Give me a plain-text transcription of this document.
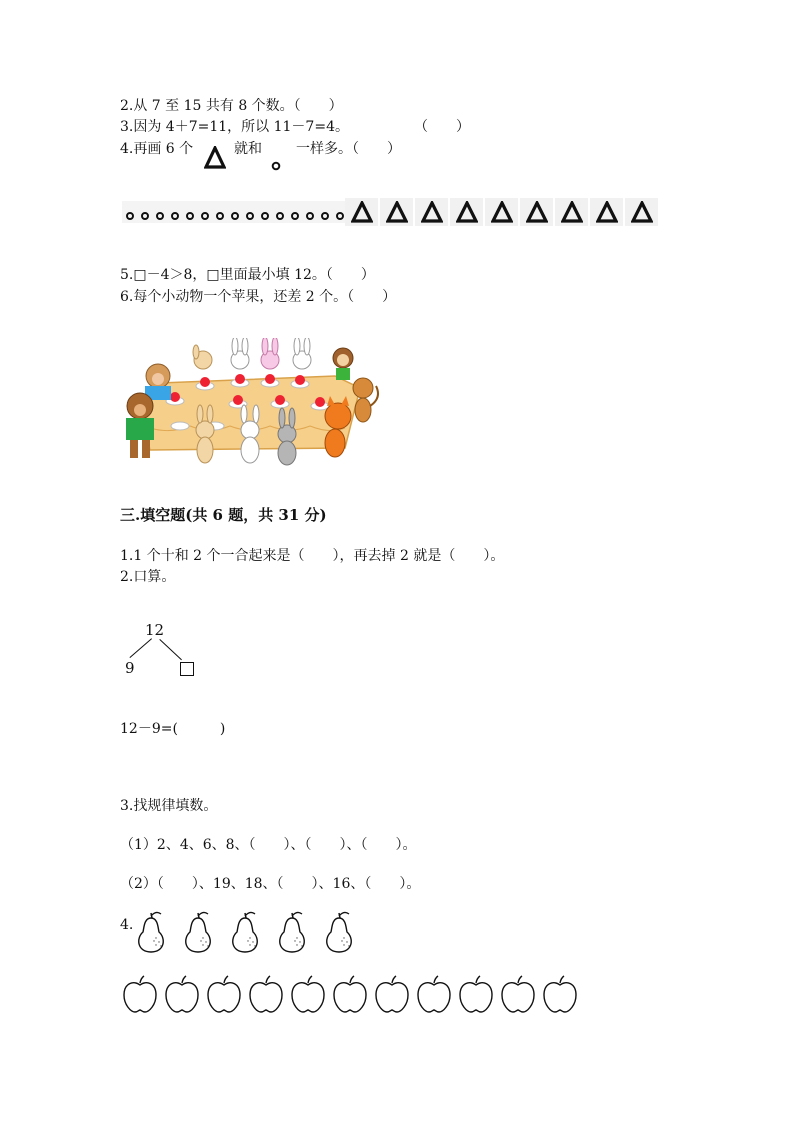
2.从 7 至 15 共有 8 个数。（　　）
3.因为 4＋7=11，所以 11－7=4。	（　　）
4.再画 6 个	就和 一样多。（　　）
5.□－4＞8，□里面最小填 12。（　　）
6.每个小动物一个苹果，还差 2 个。（　　）
三.填空题(共 6 题，共 31 分)
1.1 个十和 2 个一合起来是（　　），再去掉 2 就是（　　）。
2.口算。
12
9
12－9=(　　　)
3.找规律填数。
（1）2、4、6、8、（　　）、（　　）、（　　）。
（2）（　　）、19、18、（　　）、16、（　　）。
4.
